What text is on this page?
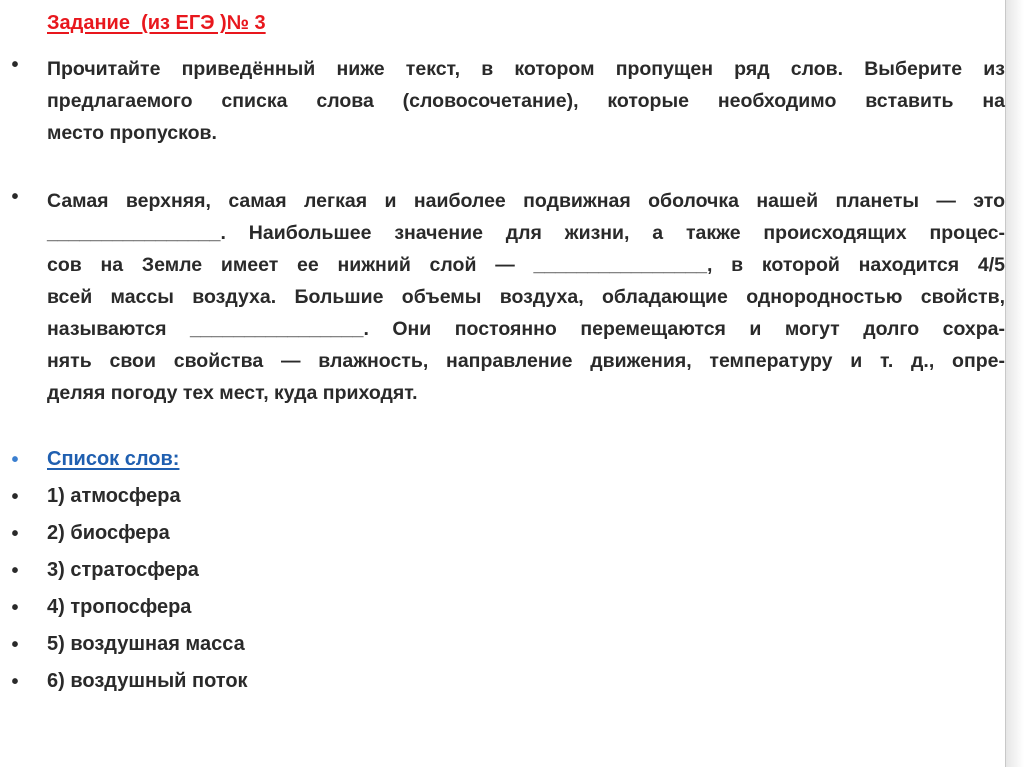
Задание  (из ЕГЭ )№ 3
• Прочитайте приведённый ниже текст, в котором пропущен ряд слов. Выберите из
предлагаемого списка слова (словосочетание), которые необходимо вставить на
место пропусков.
• Самая верхняя, самая легкая и наиболее подвижная оболочка нашей планеты — это
________________. Наибольшее значение для жизни, а также происходящих процес-
сов на Земле имеет ее нижний слой — ________________, в которой находится 4/5
всей массы воздуха. Большие объемы воздуха, обладающие однородностью свойств,
называются ________________. Они постоянно перемещаются и могут долго сохра-
нять свои свойства — влажность, направление движения, температуру и т. д., опре-
деляя погоду тех мест, куда приходят.
• Список слов:
• 1) атмосфера
• 2) биосфера
• 3) стратосфера
• 4) тропосфера
• 5) воздушная масса
• 6) воздушный поток
